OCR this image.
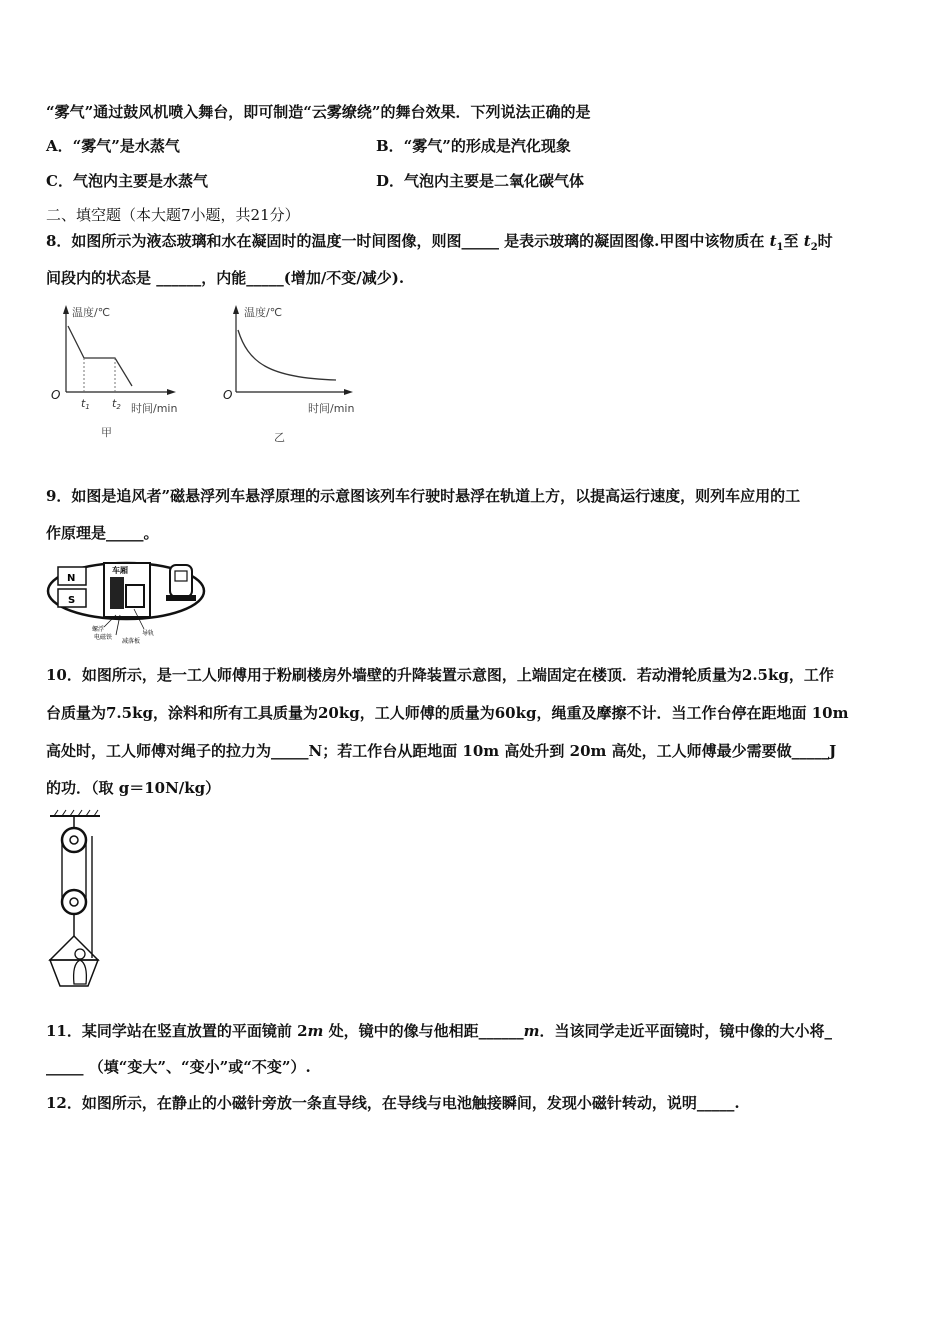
“雾气”通过鼓风机喷入舞台，即可制造“云雾缭绕”的舞台效果．下列说法正确的是
A．“雾气”是水蒸气	B．“雾气”的形成是汽化现象
C．气泡内主要是水蒸气	D．气泡内主要是二氧化碳气体
二、填空题（本大题7小题，共21分）
8．如图所示为液态玻璃和水在凝固时的温度一时间图像，则图_____ 是表示玻璃的凝固图像.甲图中该物质在 $t_1$至 $t_2$时
间段内的状态是 ______，内能_____(增加/不变/减少).
温度/℃
O
t1 t2 时间/min
甲
温度/℃
O
时间/min
乙
9．如图是追风者”磁悬浮列车悬浮原理的示意图该列车行驶时悬浮在轨道上方，以提高运行速度，则列车应用的工
作原理是_____。
N
S
车厢
螺浮
电磁铁
导轨
减落板
10．如图所示，是一工人师傅用于粉刷楼房外墙壁的升降装置示意图，上端固定在楼顶．若动滑轮质量为2.5kg，工作
台质量为7.5kg，涂料和所有工具质量为20kg，工人师傅的质量为60kg，绳重及摩擦不计．当工作台停在距地面 10m
高处时，工人师傅对绳子的拉力为_____N；若工作台从距地面 10m 高处升到 20m 高处，工人师傅最少需要做_____J
的功．（取 g＝10N/kg）
11．某同学站在竖直放置的平面镜前 2m 处，镜中的像与他相距______m．当该同学走近平面镜时，镜中像的大小将_
_____ （填“变大”、“变小”或“不变”）.
12．如图所示，在静止的小磁针旁放一条直导线，在导线与电池触接瞬间，发现小磁针转动，说明_____.
